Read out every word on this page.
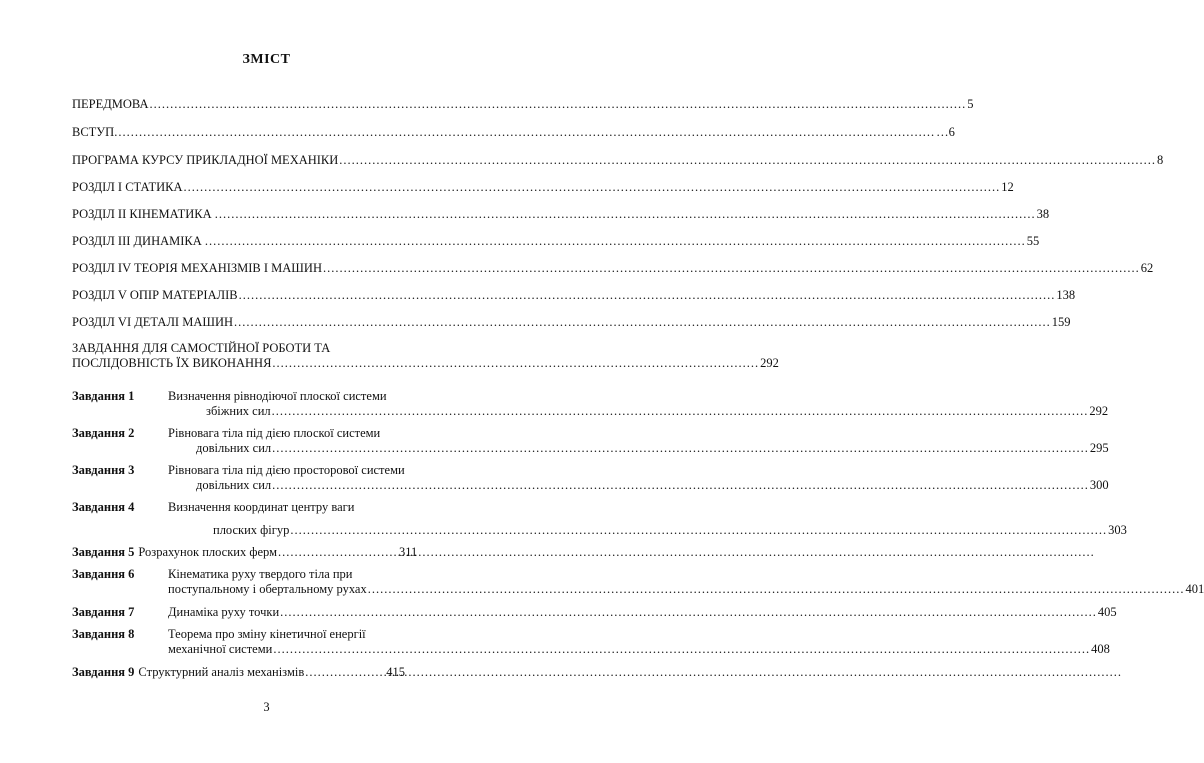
ЗМІСТ
ПЕРЕДМОВА .....	5
ВСТУП. .....	…6
ПРОГРАМА КУРСУ ПРИКЛАДНОЇ МЕХАНІКИ .....	8
РОЗДІЛ І СТАТИКА .....	12
РОЗДІЛ ІІ КІНЕМАТИКА . .....	38
РОЗДІЛ ІІІ ДИНАМІКА . .....	55
РОЗДІЛ IV ТЕОРІЯ МЕХАНІЗМІВ І МАШИН .....	62
РОЗДІЛ V ОПІР МАТЕРІАЛІВ .....	138
РОЗДІЛ VI ДЕТАЛІ МАШИН .....	159
ЗАВДАННЯ ДЛЯ САМОСТІЙНОЇ РОБОТИ ТА
ПОСЛІДОВНІСТЬ ЇХ ВИКОНАННЯ ...................................................................................................................... 292
Завдання 1	Визначення рівнодіючої плоскої системи
збіжних сил .....	292
Завдання 2	Рівновага тіла під дією плоскої системи
довільних сил .....	295
Завдання 3	Рівновага тіла під дією просторової системи
довільних сил .....	300
Завдання 4	Визначення координат центру ваги
плоских фігур .....	303
Завдання 5 Розрахунок плоских ферм .....	311
Завдання 6	Кінематика руху твердого тіла при
поступальному і обертальному рухах .....	401
Завдання 7	Динаміка руху точки .....	405
Завдання 8	Теорема про зміну кінетичної енергії
механічної системи .....	408
Завдання 9 Структурний аналіз механізмів .....	415
3
